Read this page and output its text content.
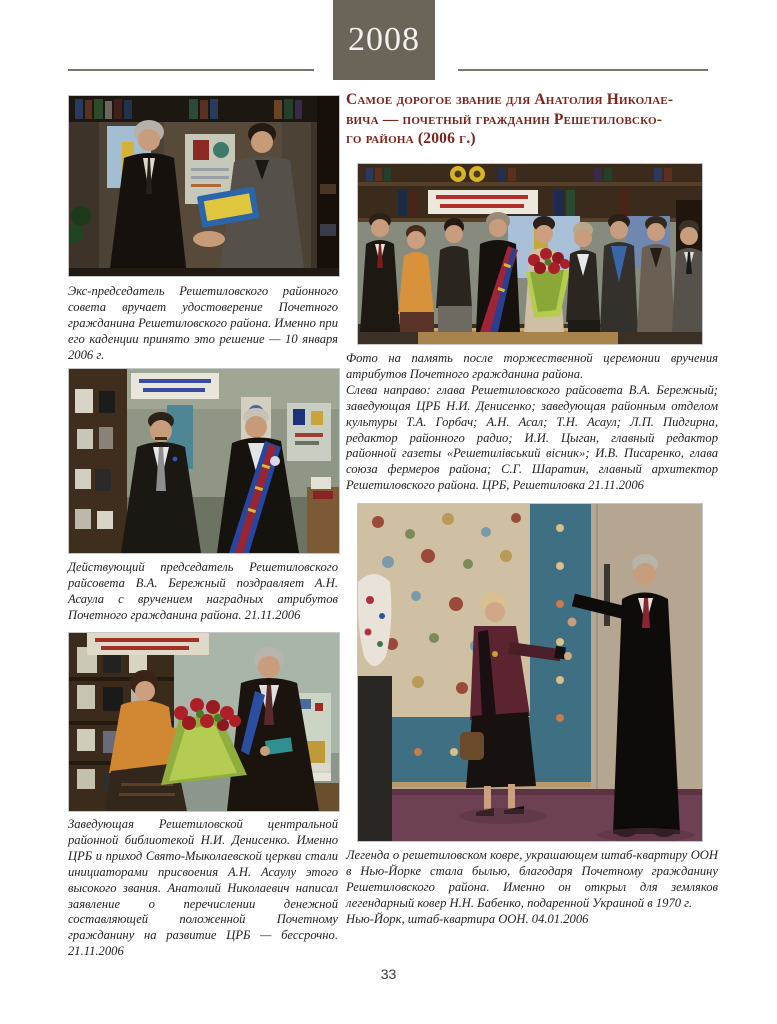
2008
Самое дорогое звание для Анатолия Николае-
вича — почетный гражданин Решетиловско-
го района (2006 г.)

Экс-председатель Решетиловского районного совета вручает удостоверение Почетного гражданина Решетиловского района. Именно при его каденции принято это решение — 10 января 2006 г.

Действующий председатель Решетиловского райсовета В.А. Бережный поздравляет А.Н. Асаула с вручением наградных атрибутов Почетного гражданина района. 21.11.2006

Заведующая Решетиловской центральной районной библиотекой Н.И. Денисенко. Именно ЦРБ и приход Свято-Мыколаевской церкви стали инициаторами присвоения А.Н. Асаулу этого высокого звания. Анатолий Николаевич написал заявление о перечислении денежной составляющей положенной Почетному гражданину на развитие ЦРБ — бессрочно. 21.11.2006

Фото на память после торжественной церемонии вручения атрибутов Почетного гражданина района.

Слева направо: глава Решетиловского райсовета В.А. Бережный; заведующая ЦРБ Н.И. Денисенко; заведующая районным отделом культуры Т.А. Горбач; А.Н. Асал; Т.Н. Асаул; Л.П. Пидгирна, редактор районного радио; И.И. Цыган, главный редактор районной газеты «Решетилівський вісник»; И.В. Писаренко, глава союза фермеров района; С.Г. Шаратин, главный архитектор Решетиловского района. ЦРБ, Решетиловка 21.11.2006

Легенда о решетиловском ковре, украшающем штаб-квартиру ООН в Нью-Йорке стала былью, благодаря Почетному гражданину Решетиловского района. Именно он открыл для земляков легендарный ковер Н.Н. Бабенко, подаренной Украиной в 1970 г.

Нью-Йорк, штаб-квартира ООН. 04.01.2006

33
